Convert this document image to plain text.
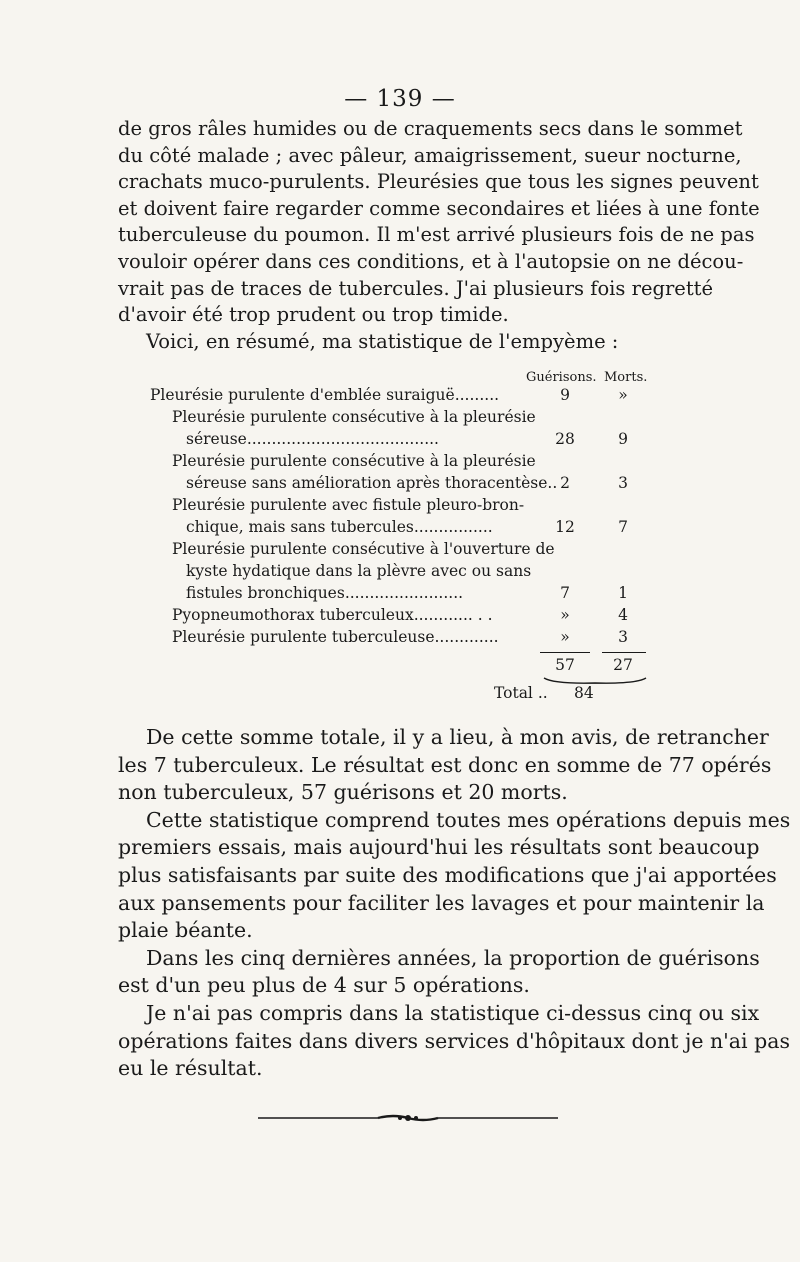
— 139 —

de gros râles humides ou de craquements secs dans le sommet
du côté malade ; avec pâleur, amaigrissement, sueur nocturne,
crachats muco-purulents. Pleurésies que tous les signes peuvent
et doivent faire regarder comme secondaires et liées à une fonte
tuberculeuse du poumon. Il m'est arrivé plusieurs fois de ne pas
vouloir opérer dans ces conditions, et à l'autopsie on ne décou-
vrait pas de traces de tubercules. J'ai plusieurs fois regretté
d'avoir été trop prudent ou trop timide.

Voici, en résumé, ma statistique de l'empyème :

Guérisons. Morts.
Pleurésie purulente d'emblée suraiguë.........	9	»
Pleurésie purulente consécutive à la pleurésie
séreuse.......................................	28	9
Pleurésie purulente consécutive à la pleurésie
séreuse sans amélioration après thoracentèse.. 2	3
Pleurésie purulente avec fistule pleuro-bron-
chique, mais sans tubercules................	12	7
Pleurésie purulente consécutive à l'ouverture de
kyste hydatique dans la plèvre avec ou sans
fistules bronchiques........................	7	1
Pyopneumothorax tuberculeux............ . .	»	4
Pleurésie purulente tuberculeuse.............	»	3
57	27
Total .. 84

De cette somme totale, il y a lieu, à mon avis, de retrancher

les 7 tuberculeux. Le résultat est donc en somme de 77 opérés
non tuberculeux, 57 guérisons et 20 morts.

Cette statistique comprend toutes mes opérations depuis mes

premiers essais, mais aujourd'hui les résultats sont beaucoup
plus satisfaisants par suite des modifications que j'ai apportées
aux pansements pour faciliter les lavages et pour maintenir la
plaie béante.

Dans les cinq dernières années, la proportion de guérisons

est d'un peu plus de 4 sur 5 opérations.

Je n'ai pas compris dans la statistique ci-dessus cinq ou six

opérations faites dans divers services d'hôpitaux dont je n'ai pas
eu le résultat.
